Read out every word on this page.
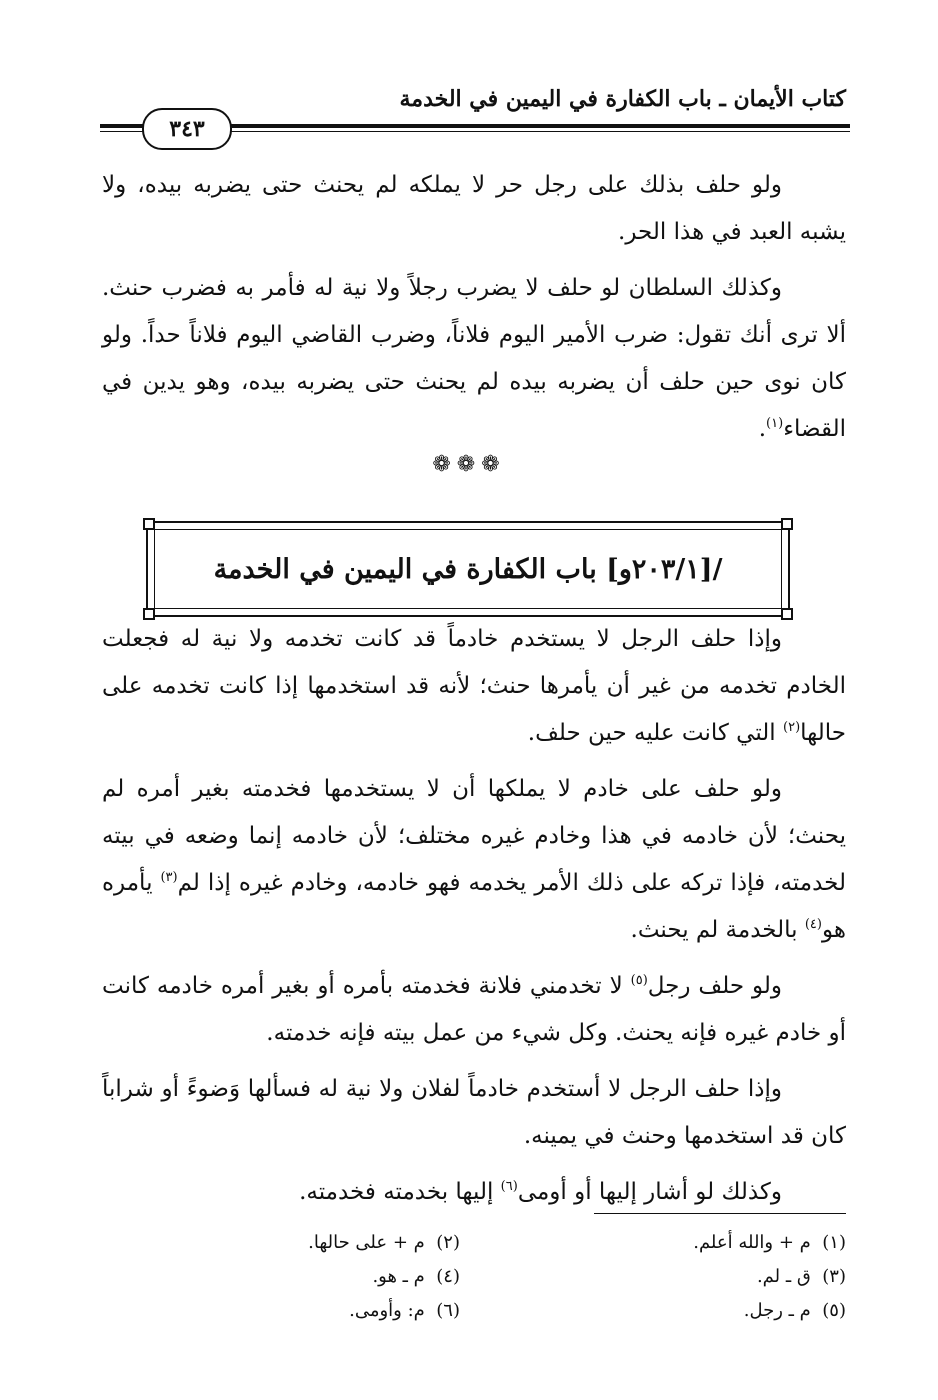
كتاب الأيمان ـ باب الكفارة في اليمين في الخدمة
٣٤٣

ولو حلف بذلك على رجل حر لا يملكه لم يحنث حتى يضربه بيده، ولا يشبه العبد في هذا الحر.

وكذلك السلطان لو حلف لا يضرب رجلاً ولا نية له فأمر به فضرب حنث. ألا ترى أنك تقول: ضرب الأمير اليوم فلاناً، وضرب القاضي اليوم فلاناً حداً. ولو كان نوى حين حلف أن يضربه بيده لم يحنث حتى يضربه بيده، وهو يدين في القضاء$^{(١)}$.

❁❁❁
/[٢٠٣/١و] باب الكفارة في اليمين في الخدمة

وإذا حلف الرجل لا يستخدم خادماً قد كانت تخدمه ولا نية له فجعلت الخادم تخدمه من غير أن يأمرها حنث؛ لأنه قد استخدمها إذا كانت تخدمه على حالها$^{(٢)}$ التي كانت عليه حين حلف.

ولو حلف على خادم لا يملكها أن لا يستخدمها فخدمته بغير أمره لم يحنث؛ لأن خادمه في هذا وخادم غيره مختلف؛ لأن خادمه إنما وضعه في بيته لخدمته، فإذا تركه على ذلك الأمر يخدمه فهو خادمه، وخادم غيره إذا لم$^{(٣)}$ يأمره هو$^{(٤)}$ بالخدمة لم يحنث.

ولو حلف رجل$^{(٥)}$ لا تخدمني فلانة فخدمته بأمره أو بغير أمره خادمه كانت أو خادم غيره فإنه يحنث. وكل شيء من عمل بيته فإنه خدمته.

وإذا حلف الرجل لا أستخدم خادماً لفلان ولا نية له فسألها وَضوءً أو شراباً كان قد استخدمها وحنث في يمينه.

وكذلك لو أشار إليها أو أومى$^{(٦)}$ إليها بخدمته فخدمته.

(١)  م + والله أعلم.
(٢)  م + على حالها.
(٣)  ق ـ لم.
(٤)  م ـ هو.
(٥)  م ـ رجل.
(٦)  م: وأومى.
